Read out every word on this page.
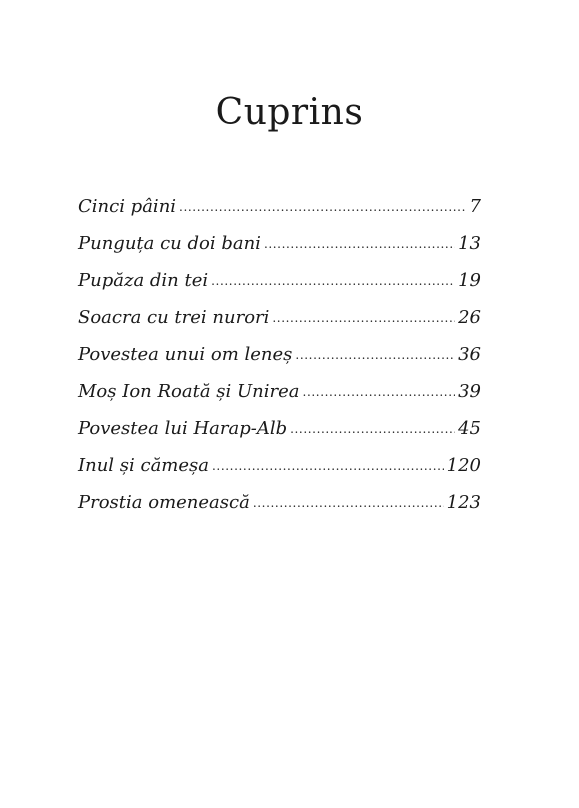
Cuprins
Cinci pâini .....	7
Punguța cu doi bani .....	13
Pupăza din tei .....	19
Soacra cu trei nurori .....	26
Povestea unui om leneș .....	36
Moș Ion Roată și Unirea .....	39
Povestea lui Harap-Alb .....	45
Inul și cămeșa .....	120
Prostia omenească .....	123
